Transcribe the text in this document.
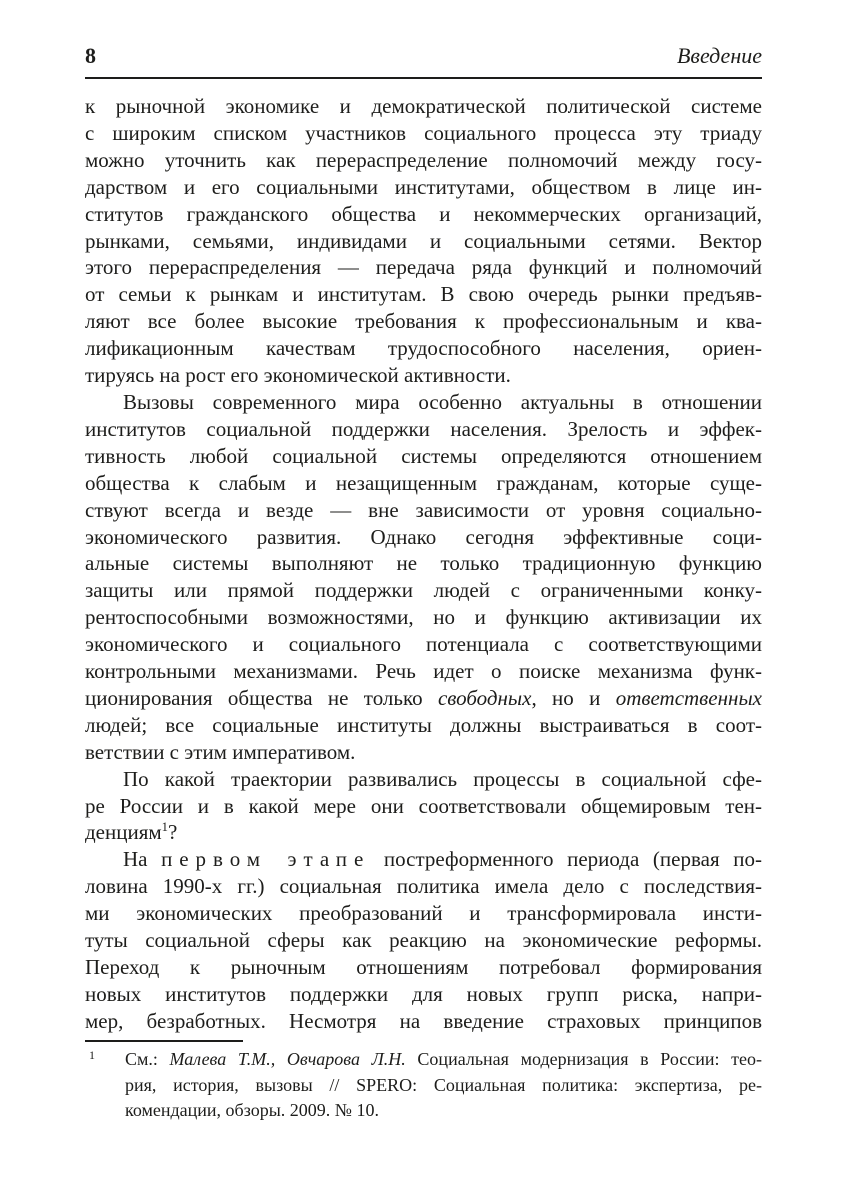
8	Введение
к рыночной экономике и демократической политической системе
с широким списком участников социального процесса эту триаду
можно уточнить как перераспределение полномочий между госу-
дарством и его социальными институтами, обществом в лице ин-
ститутов гражданского общества и некоммерческих организаций,
рынками, семьями, индивидами и социальными сетями. Вектор
этого перераспределения — передача ряда функций и полномочий
от семьи к рынкам и институтам. В свою очередь рынки предъяв-
ляют все более высокие требования к профессиональным и ква-
лификационным качествам трудоспособного населения, ориен-
тируясь на рост его экономической активности.
Вызовы современного мира особенно актуальны в отношении
институтов социальной поддержки населения. Зрелость и эффек-
тивность любой социальной системы определяются отношением
общества к слабым и незащищенным гражданам, которые суще-
ствуют всегда и везде — вне зависимости от уровня социально-
экономического развития. Однако сегодня эффективные соци-
альные системы выполняют не только традиционную функцию
защиты или прямой поддержки людей с ограниченными конку-
рентоспособными возможностями, но и функцию активизации их
экономического и социального потенциала с соответствующими
контрольными механизмами. Речь идет о поиске механизма функ-
ционирования общества не только свободных, но и ответственных
людей; все социальные институты должны выстраиваться в соот-
ветствии с этим императивом.
По какой траектории развивались процессы в социальной сфе-
ре России и в какой мере они соответствовали общемировым тен-
денциям$^1$?
На первом этапе постреформенного периода (первая по-
ловина 1990-х гг.) социальная политика имела дело с последствия-
ми экономических преобразований и трансформировала инсти-
туты социальной сферы как реакцию на экономические реформы.
Переход к рыночным отношениям потребовал формирования
новых институтов поддержки для новых групп риска, напри-
мер, безработных. Несмотря на введение страховых принципов
1 См.: Малева Т.М., Овчарова Л.Н. Социальная модернизация в России: тео-
рия, история, вызовы // SPERO: Социальная политика: экспертиза, ре-
комендации, обзоры. 2009. № 10.
